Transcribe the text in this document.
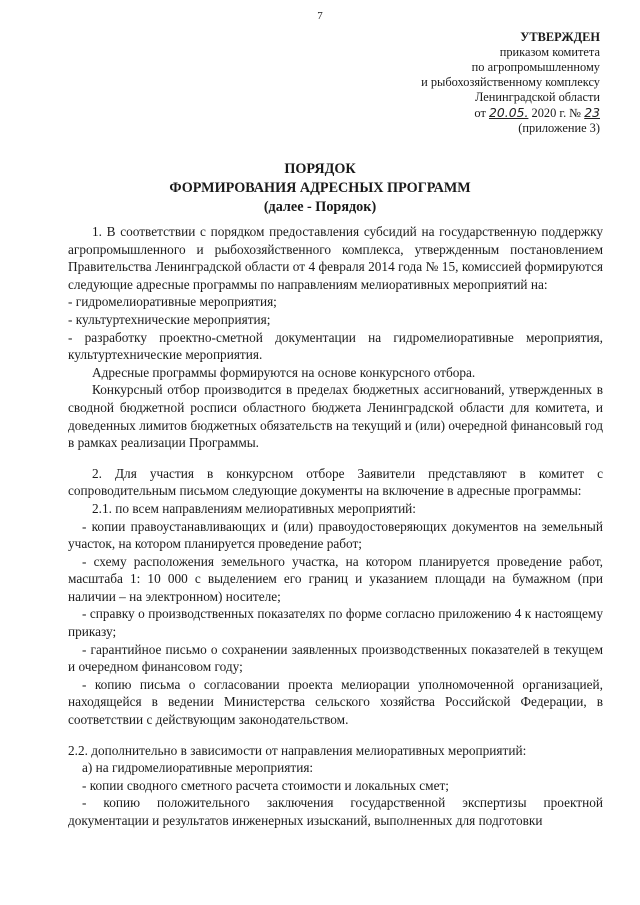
7
УТВЕРЖДЕН
приказом комитета
по агропромышленному
и рыбохозяйственному комплексу
Ленинградской области
от 20.05. 2020 г. № 23
(приложение 3)
ПОРЯДОК
ФОРМИРОВАНИЯ АДРЕСНЫХ ПРОГРАММ
(далее - Порядок)

1. В соответствии с порядком предоставления субсидий на государственную поддержку агропромышленного и рыбохозяйственного комплекса, утвержденным постановлением Правительства Ленинградской области от 4 февраля 2014 года № 15, комиссией формируются следующие адресные программы по направлениям мелиоративных мероприятий на:

- гидромелиоративные мероприятия;

- культуртехнические мероприятия;

- разработку проектно-сметной документации на гидромелиоративные мероприятия, культуртехнические мероприятия.

Адресные программы формируются на основе конкурсного отбора.

Конкурсный отбор производится в пределах бюджетных ассигнований, утвержденных в сводной бюджетной росписи областного бюджета Ленинградской области для комитета, и доведенных лимитов бюджетных обязательств на текущий и (или) очередной финансовый год в рамках реализации Программы.

2. Для участия в конкурсном отборе Заявители представляют в комитет с сопроводительным письмом следующие документы на включение в адресные программы:

2.1. по всем направлениям мелиоративных мероприятий:

- копии правоустанавливающих и (или) правоудостоверяющих документов на земельный участок, на котором планируется проведение работ;

- схему расположения земельного участка, на котором планируется проведение работ, масштаба 1: 10 000 с выделением его границ и указанием площади на бумажном (при наличии – на электронном) носителе;

- справку о производственных показателях по форме согласно приложению 4 к настоящему приказу;

- гарантийное письмо о сохранении заявленных производственных показателей в текущем и очередном финансовом году;

- копию письма о согласовании проекта мелиорации уполномоченной организацией, находящейся в ведении Министерства сельского хозяйства Российской Федерации, в соответствии с действующим законодательством.

2.2. дополнительно в зависимости от направления мелиоративных мероприятий:

а) на гидромелиоративные мероприятия:

- копии сводного сметного расчета стоимости и локальных смет;

- копию положительного заключения государственной экспертизы проектной документации и результатов инженерных изысканий, выполненных для подготовки
